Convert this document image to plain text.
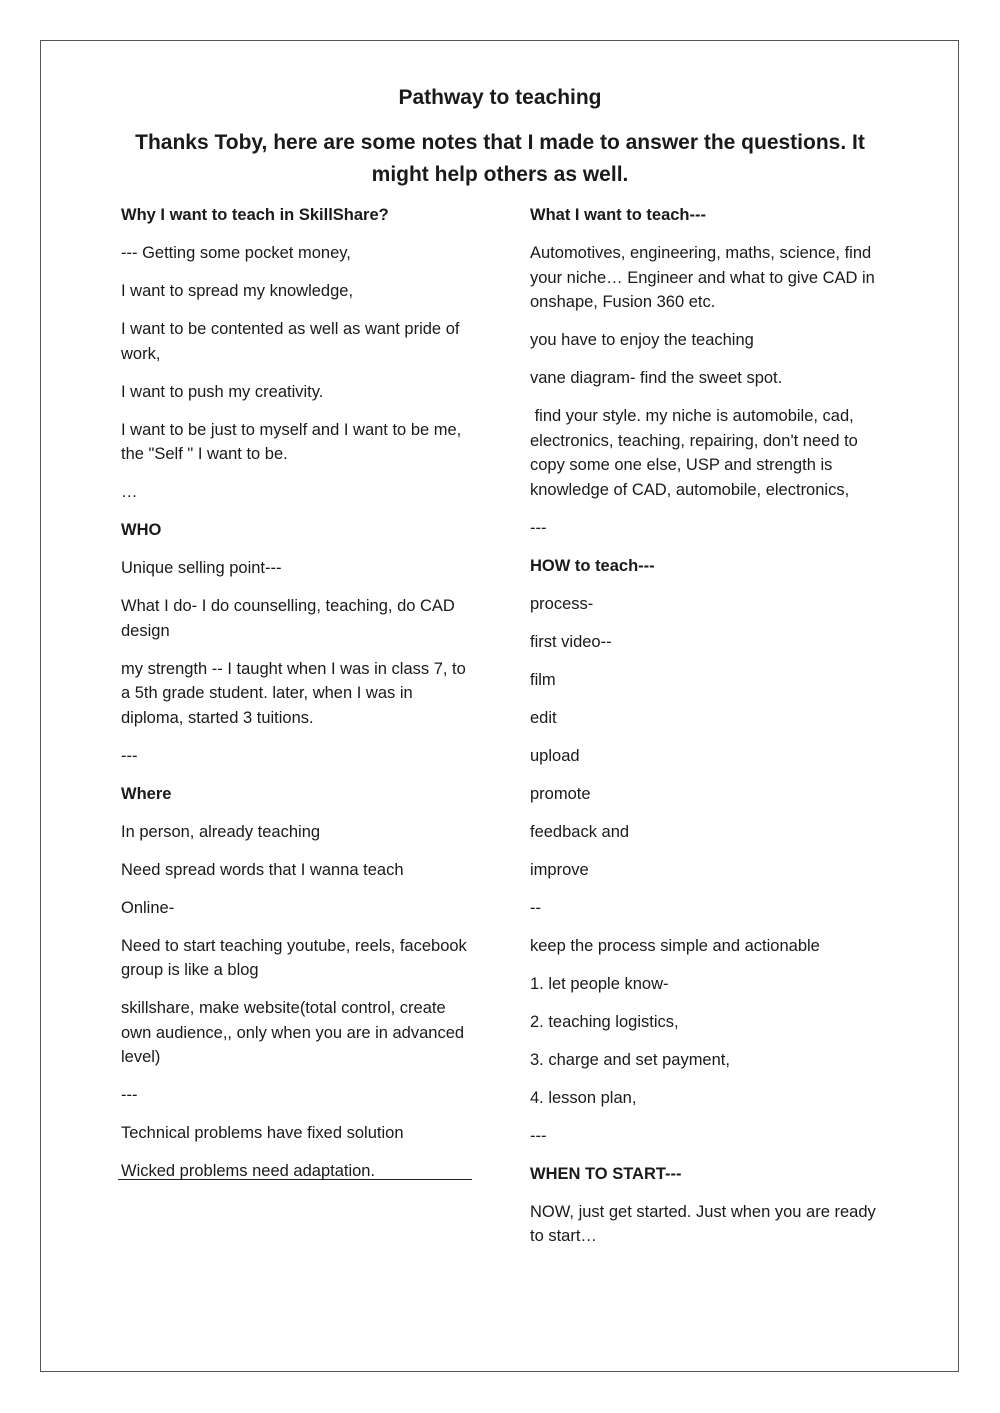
Pathway to teaching
Thanks Toby, here are some notes that I made to answer the questions. It might help others as well.

Why I want to teach in SkillShare?

--- Getting some pocket money,

I want to spread my knowledge,

I want to be contented as well as want pride of work,

I want to push my creativity.

I want to be just to myself and I want to be me, the "Self " I want to be.

…

WHO

Unique selling point---

What I do- I do counselling, teaching, do CAD design

my strength -- I taught when I was in class 7, to a 5th grade student. later, when I was in diploma, started 3 tuitions.

---

Where

In person, already teaching

Need spread words that I wanna teach

Online-

Need to start teaching youtube, reels, facebook group is like a blog

skillshare, make website(total control, create own audience,, only when you are in advanced level)

---

Technical problems have fixed solution

Wicked problems need adaptation.

What I want to teach---

Automotives, engineering, maths, science, find your niche… Engineer and what to give CAD in onshape, Fusion 360 etc.

you have to enjoy the teaching

vane diagram- find the sweet spot.

find your style. my niche is automobile, cad, electronics, teaching, repairing, don't need to copy some one else, USP and strength is knowledge of CAD, automobile, electronics,

---

HOW to teach---

process-

first video--

film

edit

upload

promote

feedback and

improve

--

keep the process simple and actionable

1. let people know-

2. teaching logistics,

3. charge and set payment,

4. lesson plan,

---

WHEN TO START---

NOW, just get started. Just when you are ready to start…
